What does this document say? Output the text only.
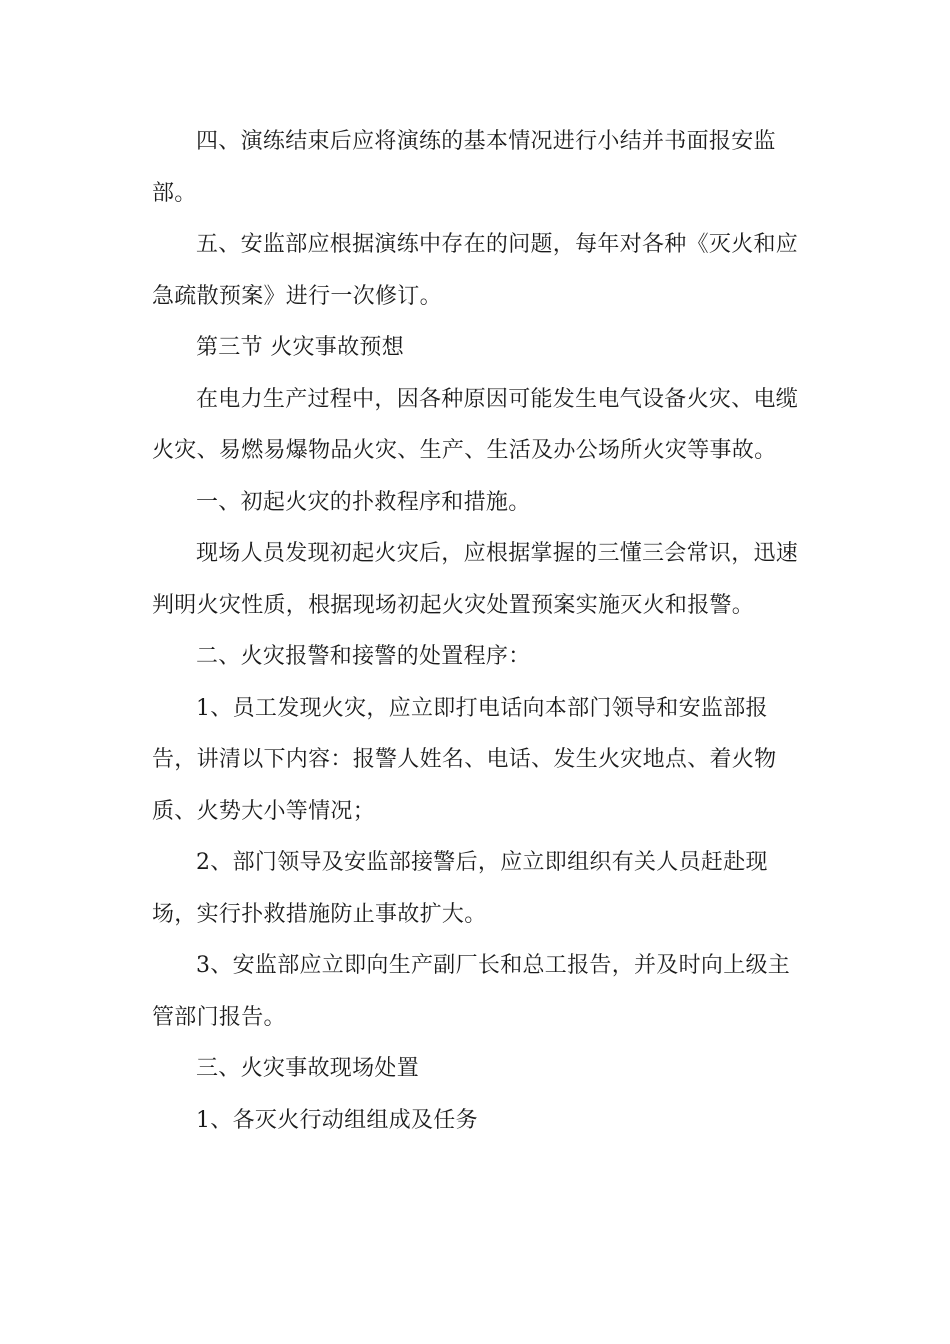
四、演练结束后应将演练的基本情况进行小结并书面报安监
部。

五、安监部应根据演练中存在的问题，每年对各种《灭火和应
急疏散预案》进行一次修订。

第三节 火灾事故预想

在电力生产过程中，因各种原因可能发生电气设备火灾、电缆
火灾、易燃易爆物品火灾、生产、生活及办公场所火灾等事故。

一、初起火灾的扑救程序和措施。

现场人员发现初起火灾后，应根据掌握的三懂三会常识，迅速
判明火灾性质，根据现场初起火灾处置预案实施灭火和报警。

二、火灾报警和接警的处置程序：

1、员工发现火灾，应立即打电话向本部门领导和安监部报
告，讲清以下内容：报警人姓名、电话、发生火灾地点、着火物
质、火势大小等情况；

2、部门领导及安监部接警后，应立即组织有关人员赶赴现
场，实行扑救措施防止事故扩大。

3、安监部应立即向生产副厂长和总工报告，并及时向上级主
管部门报告。

三、火灾事故现场处置

1、各灭火行动组组成及任务
